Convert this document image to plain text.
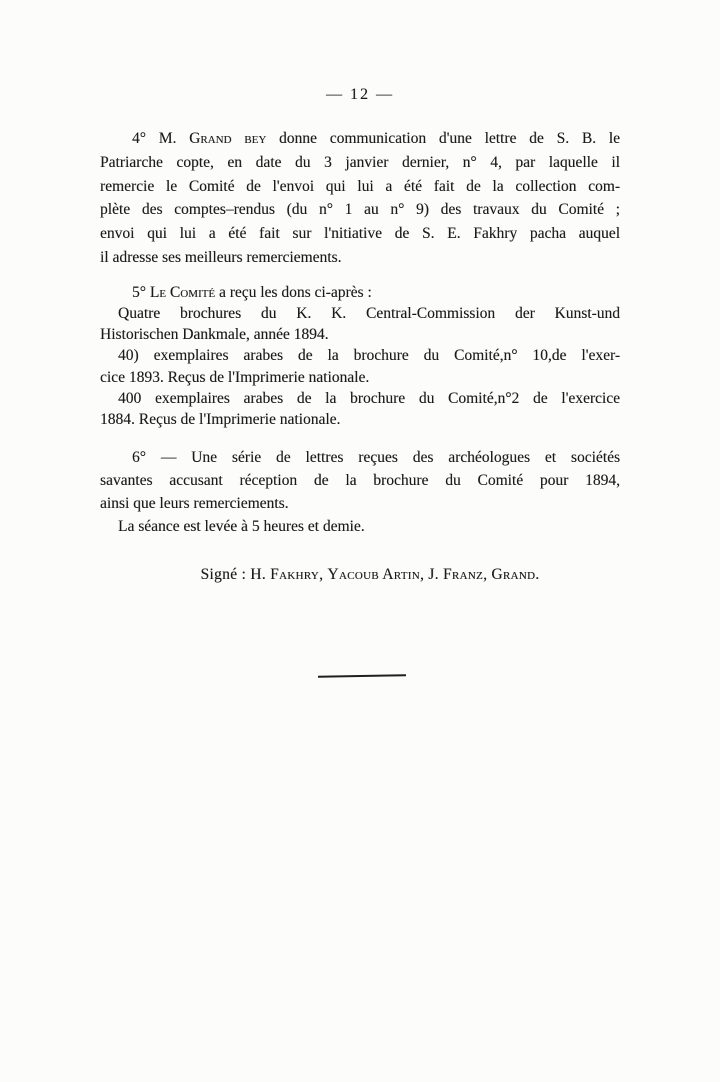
— 12 —
4° M. Grand bey donne communication d'une lettre de S. B. le
Patriarche copte, en date du 3 janvier dernier, n° 4, par laquelle il
remercie le Comité de l'envoi qui lui a été fait de la collection com-
plète des comptes–rendus (du n° 1 au n° 9) des travaux du Comité ;
envoi qui lui a été fait sur l'nitiative de S. E. Fakhry pacha auquel
il adresse ses meilleurs remerciements.
5° Le Comité a reçu les dons ci-après :
Quatre brochures du K. K. Central-Commission der Kunst-und
Historischen Dankmale, année 1894.
40) exemplaires arabes de la brochure du Comité,n° 10,de l'exer-
cice 1893. Reçus de l'Imprimerie nationale.
400 exemplaires arabes de la brochure du Comité,n°2 de l'exercice
1884. Reçus de l'Imprimerie nationale.
6° — Une série de lettres reçues des archéologues et sociétés
savantes accusant réception de la brochure du Comité pour 1894,
ainsi que leurs remerciements.
La séance est levée à 5 heures et demie.
Signé : H. Fakhry, Yacoub Artin, J. Franz, Grand.
